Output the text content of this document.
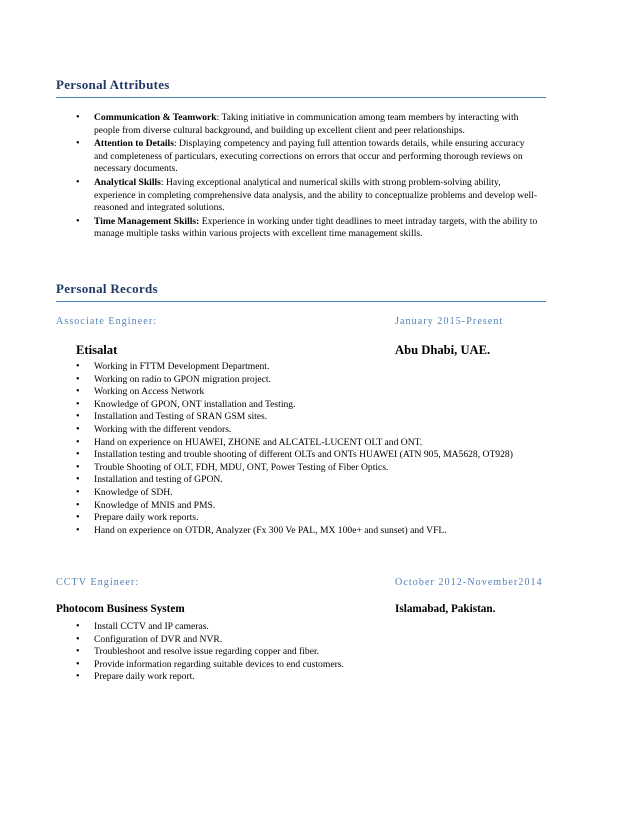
Personal Attributes
• Communication & Teamwork: Taking initiative in communication among team members by interacting with people from diverse cultural background, and building up excellent client and peer relationships.
• Attention to Details: Displaying competency and paying full attention towards details, while ensuring accuracy and completeness of particulars, executing corrections on errors that occur and performing thorough reviews on necessary documents.
• Analytical Skills: Having exceptional analytical and numerical skills with strong problem-solving ability, experience in completing comprehensive data analysis, and the ability to conceptualize problems and develop well-reasoned and integrated solutions.
• Time Management Skills: Experience in working under tight deadlines to meet intraday targets, with the ability to manage multiple tasks within various projects with excellent time management skills.
Personal Records
Associate Engineer:	January 2015-Present
Etisalat	Abu Dhabi, UAE.
• Working in FTTM Development Department.
• Working on radio to GPON migration project.
• Working on Access Network
• Knowledge of GPON, ONT installation and Testing.
• Installation and Testing of SRAN GSM sites.
• Working with the different vendors.
• Hand on experience on HUAWEI, ZHONE and ALCATEL-LUCENT OLT and ONT.
• Installation testing and trouble shooting of different OLTs and ONTs HUAWEI (ATN 905, MA5628, OT928)
• Trouble Shooting of OLT, FDH, MDU, ONT, Power Testing of Fiber Optics.
• Installation and testing of GPON.
• Knowledge of SDH.
• Knowledge of MNIS and PMS.
• Prepare daily work reports.
• Hand on experience on OTDR, Analyzer (Fx 300 Ve PAL, MX 100e+ and sunset) and VFL.
CCTV Engineer:	October 2012-November2014
Photocom Business System	Islamabad, Pakistan.
• Install CCTV and IP cameras.
• Configuration of DVR and NVR.
• Troubleshoot and resolve issue regarding copper and fiber.
• Provide information regarding suitable devices to end customers.
• Prepare daily work report.
